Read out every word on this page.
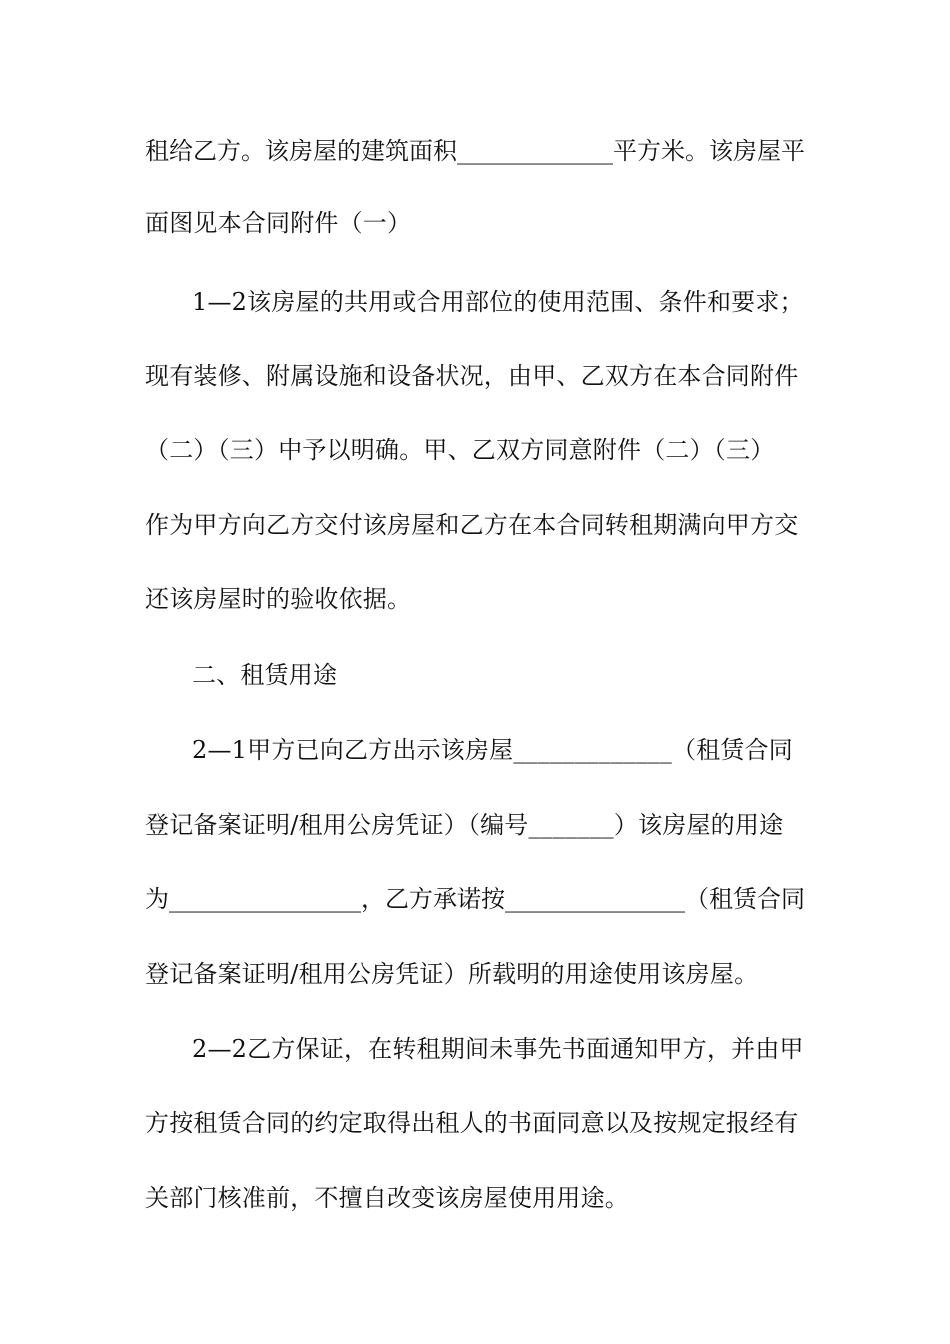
租给乙方。该房屋的建筑面积_____________平方米。该房屋平
面图见本合同附件（一）
1—2该房屋的共用或合用部位的使用范围、条件和要求；
现有装修、附属设施和设备状况，由甲、乙双方在本合同附件
（二）（三）中予以明确。甲、乙双方同意附件（二）（三）
作为甲方向乙方交付该房屋和乙方在本合同转租期满向甲方交
还该房屋时的验收依据。
二、租赁用途
2—1甲方已向乙方出示该房屋_____________（租赁合同
登记备案证明/租用公房凭证）（编号_______）该房屋的用途
为________________，乙方承诺按_______________（租赁合同
登记备案证明/租用公房凭证）所载明的用途使用该房屋。
2—2乙方保证，在转租期间未事先书面通知甲方，并由甲
方按租赁合同的约定取得出租人的书面同意以及按规定报经有
关部门核准前，不擅自改变该房屋使用用途。
